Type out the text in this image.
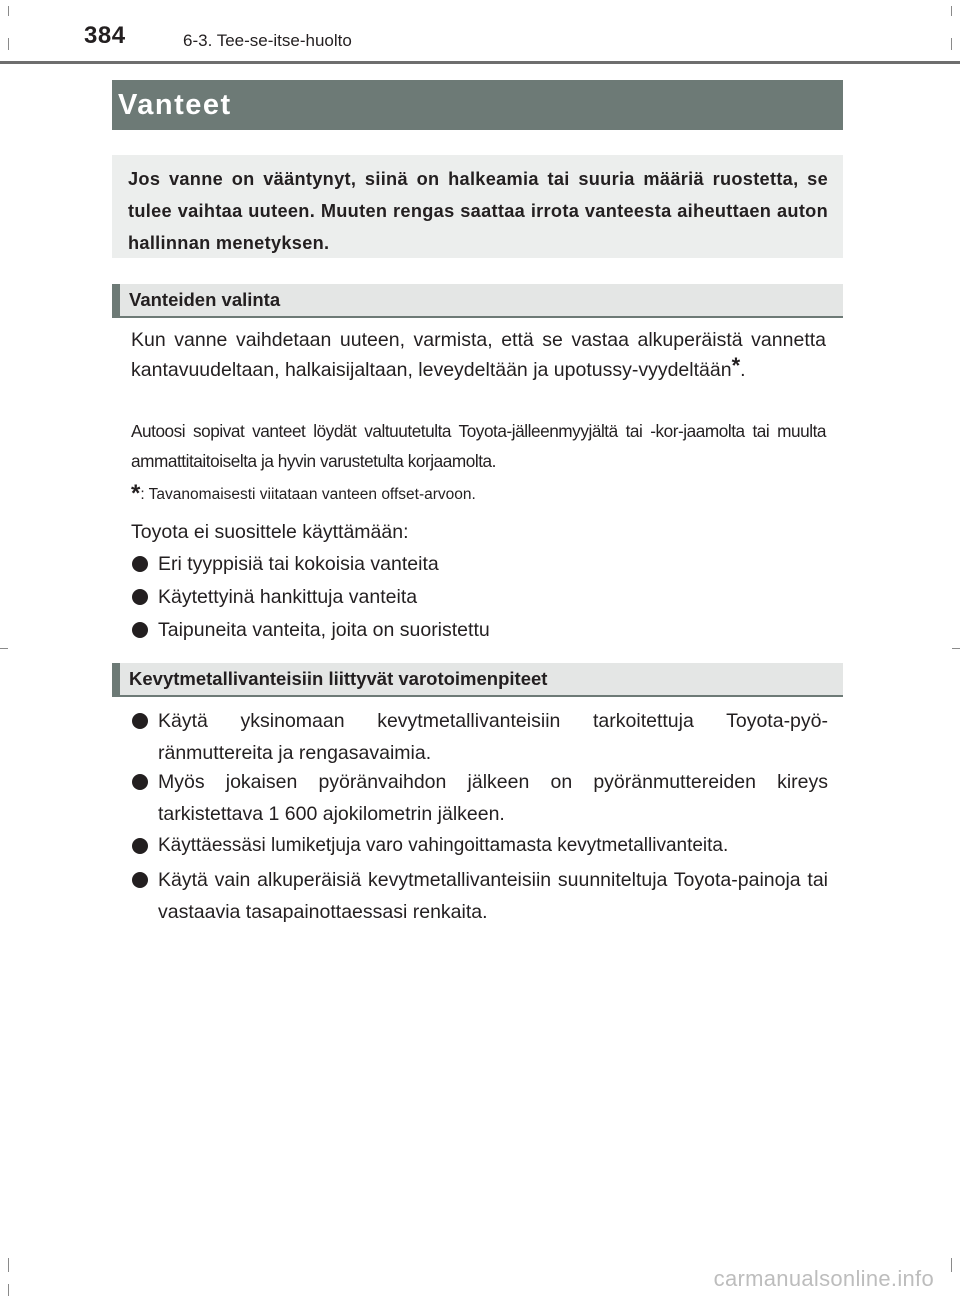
384	6-3. Tee-se-itse-huolto
Vanteet
Jos vanne on vääntynyt, siinä on halkeamia tai suuria määriä ruostetta, se tulee vaihtaa uuteen. Muuten rengas saattaa irrota vanteesta aiheuttaen auton hallinnan menetyksen.
Vanteiden valinta
Kun vanne vaihdetaan uuteen, varmista, että se vastaa alkuperäistä vannetta kantavuudeltaan, halkaisijaltaan, leveydeltään ja upotussy-vyydeltään*.
Autoosi sopivat vanteet löydät valtuutetulta Toyota-jälleenmyyjältä tai -kor-jaamolta tai muulta ammattitaitoiselta ja hyvin varustetulta korjaamolta.
*: Tavanomaisesti viitataan vanteen offset-arvoon.
Toyota ei suosittele käyttämään:
Eri tyyppisiä tai kokoisia vanteita
Käytettyinä hankittuja vanteita
Taipuneita vanteita, joita on suoristettu
Kevytmetallivanteisiin liittyvät varotoimenpiteet
Käytä yksinomaan kevytmetallivanteisiin tarkoitettuja Toyota-pyö-ränmuttereita ja rengasavaimia.
Myös jokaisen pyöränvaihdon jälkeen on pyöränmuttereiden kireys tarkistettava 1 600 ajokilometrin jälkeen.
Käyttäessäsi lumiketjuja varo vahingoittamasta kevytmetallivanteita.
Käytä vain alkuperäisiä kevytmetallivanteisiin suunniteltuja Toyota-painoja tai vastaavia tasapainottaessasi renkaita.
carmanualsonline.info
